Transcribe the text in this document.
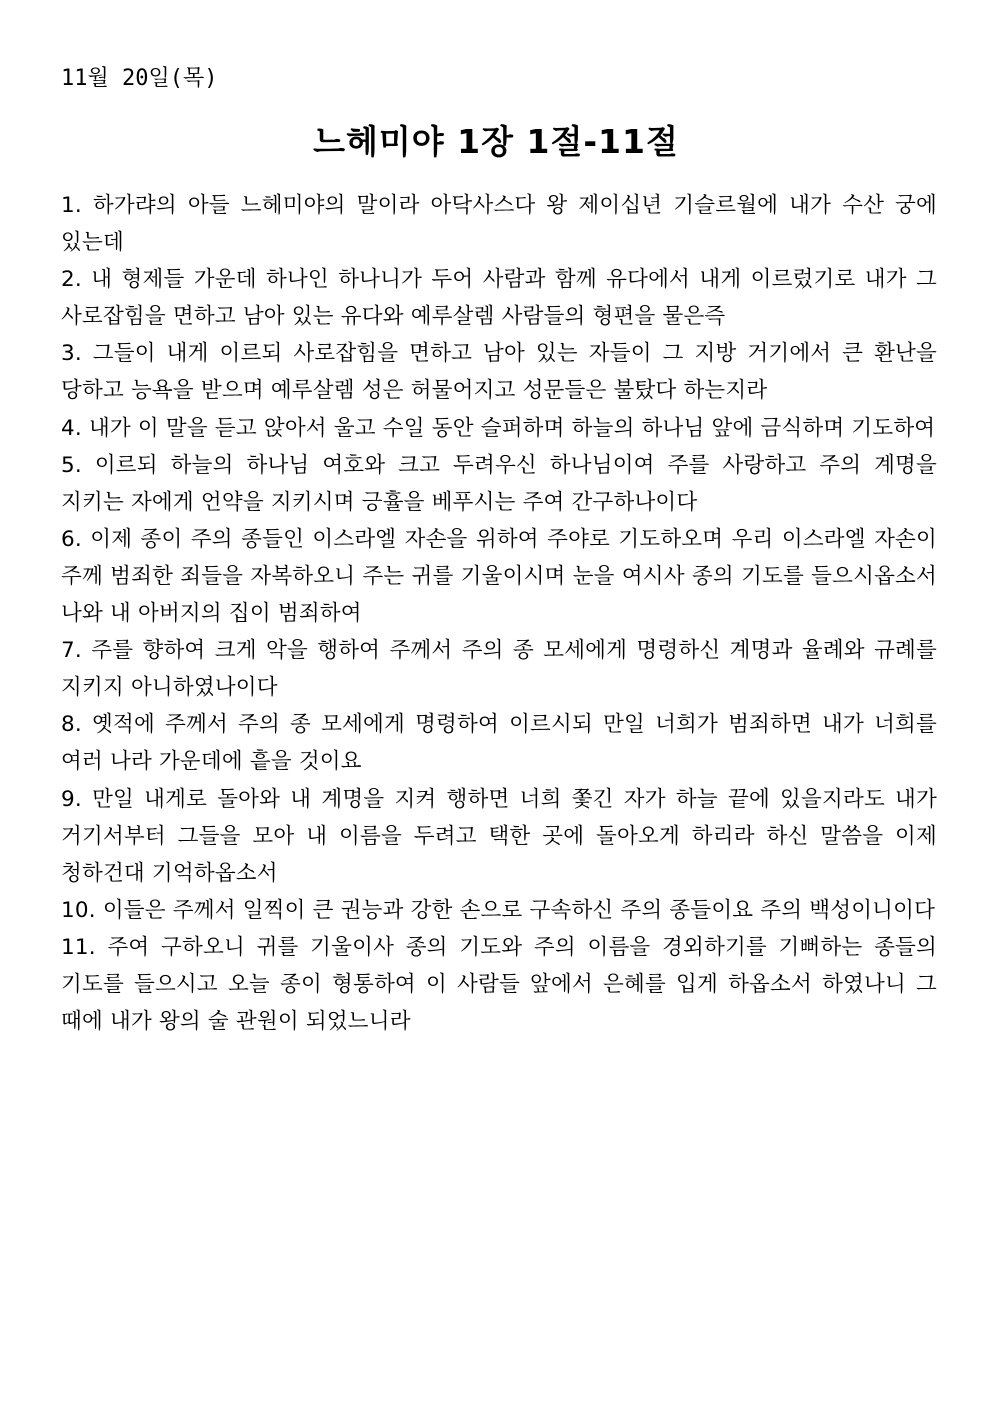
11월 20일(목)
느헤미야 1장 1절-11절

1. 하가랴의 아들 느헤미야의 말이라 아닥사스다 왕 제이십년 기슬르월에 내가 수산 궁에 있는데

2. 내 형제들 가운데 하나인 하나니가 두어 사람과 함께 유다에서 내게 이르렀기로 내가 그 사로잡힘을 면하고 남아 있는 유다와 예루살렘 사람들의 형편을 물은즉

3. 그들이 내게 이르되 사로잡힘을 면하고 남아 있는 자들이 그 지방 거기에서 큰 환난을 당하고 능욕을 받으며 예루살렘 성은 허물어지고 성문들은 불탔다 하는지라

4. 내가 이 말을 듣고 앉아서 울고 수일 동안 슬퍼하며 하늘의 하나님 앞에 금식하며 기도하여

5. 이르되 하늘의 하나님 여호와 크고 두려우신 하나님이여 주를 사랑하고 주의 계명을 지키는 자에게 언약을 지키시며 긍휼을 베푸시는 주여 간구하나이다

6. 이제 종이 주의 종들인 이스라엘 자손을 위하여 주야로 기도하오며 우리 이스라엘 자손이 주께 범죄한 죄들을 자복하오니 주는 귀를 기울이시며 눈을 여시사 종의 기도를 들으시옵소서 나와 내 아버지의 집이 범죄하여

7. 주를 향하여 크게 악을 행하여 주께서 주의 종 모세에게 명령하신 계명과 율례와 규례를 지키지 아니하였나이다

8. 옛적에 주께서 주의 종 모세에게 명령하여 이르시되 만일 너희가 범죄하면 내가 너희를 여러 나라 가운데에 흩을 것이요

9. 만일 내게로 돌아와 내 계명을 지켜 행하면 너희 쫓긴 자가 하늘 끝에 있을지라도 내가 거기서부터 그들을 모아 내 이름을 두려고 택한 곳에 돌아오게 하리라 하신 말씀을 이제 청하건대 기억하옵소서

10. 이들은 주께서 일찍이 큰 권능과 강한 손으로 구속하신 주의 종들이요 주의 백성이니이다

11. 주여 구하오니 귀를 기울이사 종의 기도와 주의 이름을 경외하기를 기뻐하는 종들의 기도를 들으시고 오늘 종이 형통하여 이 사람들 앞에서 은혜를 입게 하옵소서 하였나니 그 때에 내가 왕의 술 관원이 되었느니라
